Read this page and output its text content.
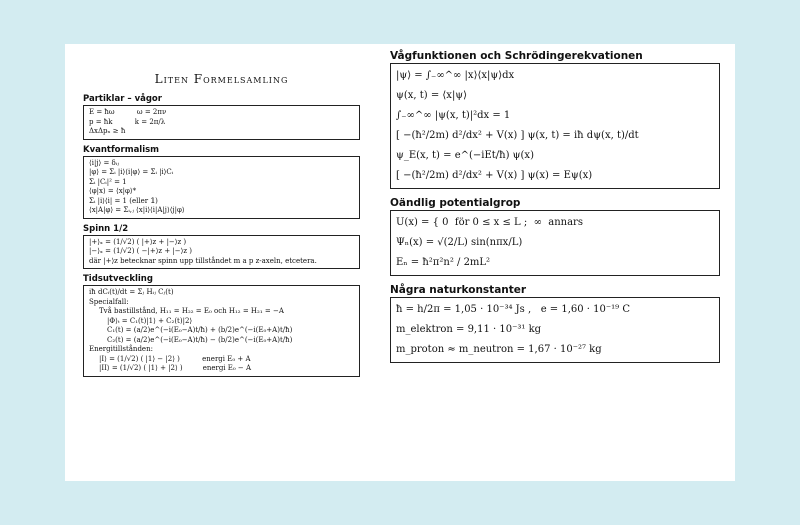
Liten Formelsamling
Partiklar – vågor
E = ħω          ω = 2πν
p = ħk          k = 2π/λ
ΔxΔpₓ ≥ ħ
Kvantformalism
⟨i|j⟩ = δᵢⱼ
|φ⟩ = Σᵢ |i⟩⟨i|φ⟩ = Σᵢ |i⟩Cᵢ
Σᵢ |Cᵢ|² = 1
⟨φ|x⟩ = ⟨x|φ⟩*
Σᵢ |i⟩⟨i| = 1 (eller 𝟙)
⟨x|A|φ⟩ = Σᵢ,ⱼ ⟨x|i⟩⟨i|A|j⟩⟨j|φ⟩
Spinn 1/2
|+⟩ₓ = (1/√2) ( |+⟩z + |−⟩z )
|−⟩ₓ = (1/√2) ( −|+⟩z + |−⟩z )
där |+⟩z betecknar spinn upp tillståndet m a p z-axeln, etcetera.
Tidsutveckling
iħ dCᵢ(t)/dt = Σⱼ Hᵢⱼ Cⱼ(t)
Specialfall:
Två bastillstånd, H₁₁ = H₂₂ = E₀ och H₁₂ = H₂₁ = −A
|Φ⟩ₜ = C₁(t)|1⟩ + C₂(t)|2⟩
C₁(t) = (a/2)e^(−i(E₀−A)t/ħ) + (b/2)e^(−i(E₀+A)t/ħ)
C₂(t) = (a/2)e^(−i(E₀−A)t/ħ) − (b/2)e^(−i(E₀+A)t/ħ)
Energitillstånden:
|I⟩ = (1/√2) ( |1⟩ − |2⟩ )          energi E₀ + A
|II⟩ = (1/√2) ( |1⟩ + |2⟩ )         energi E₀ − A
Vågfunktionen och Schrödingerekvationen
|ψ⟩ = ∫₋∞^∞ |x⟩⟨x|ψ⟩dx
ψ(x, t) = ⟨x|ψ⟩
∫₋∞^∞ |ψ(x, t)|²dx = 1
[ −(ħ²/2m) d²/dx² + V(x) ] ψ(x, t) = iħ dψ(x, t)/dt
ψ_E(x, t) = e^(−iEt/ħ) ψ(x)
[ −(ħ²/2m) d²/dx² + V(x) ] ψ(x) = Eψ(x)
Oändlig potentialgrop
U(x) = { 0  för 0 ≤ x ≤ L ;  ∞  annars
Ψₙ(x) = √(2/L) sin(nπx/L)
Eₙ = ħ²π²n² / 2mL²
Några naturkonstanter
ħ = h/2π = 1,05 · 10⁻³⁴ Js ,   e = 1,60 · 10⁻¹⁹ C
m_elektron = 9,11 · 10⁻³¹ kg
m_proton ≈ m_neutron = 1,67 · 10⁻²⁷ kg
